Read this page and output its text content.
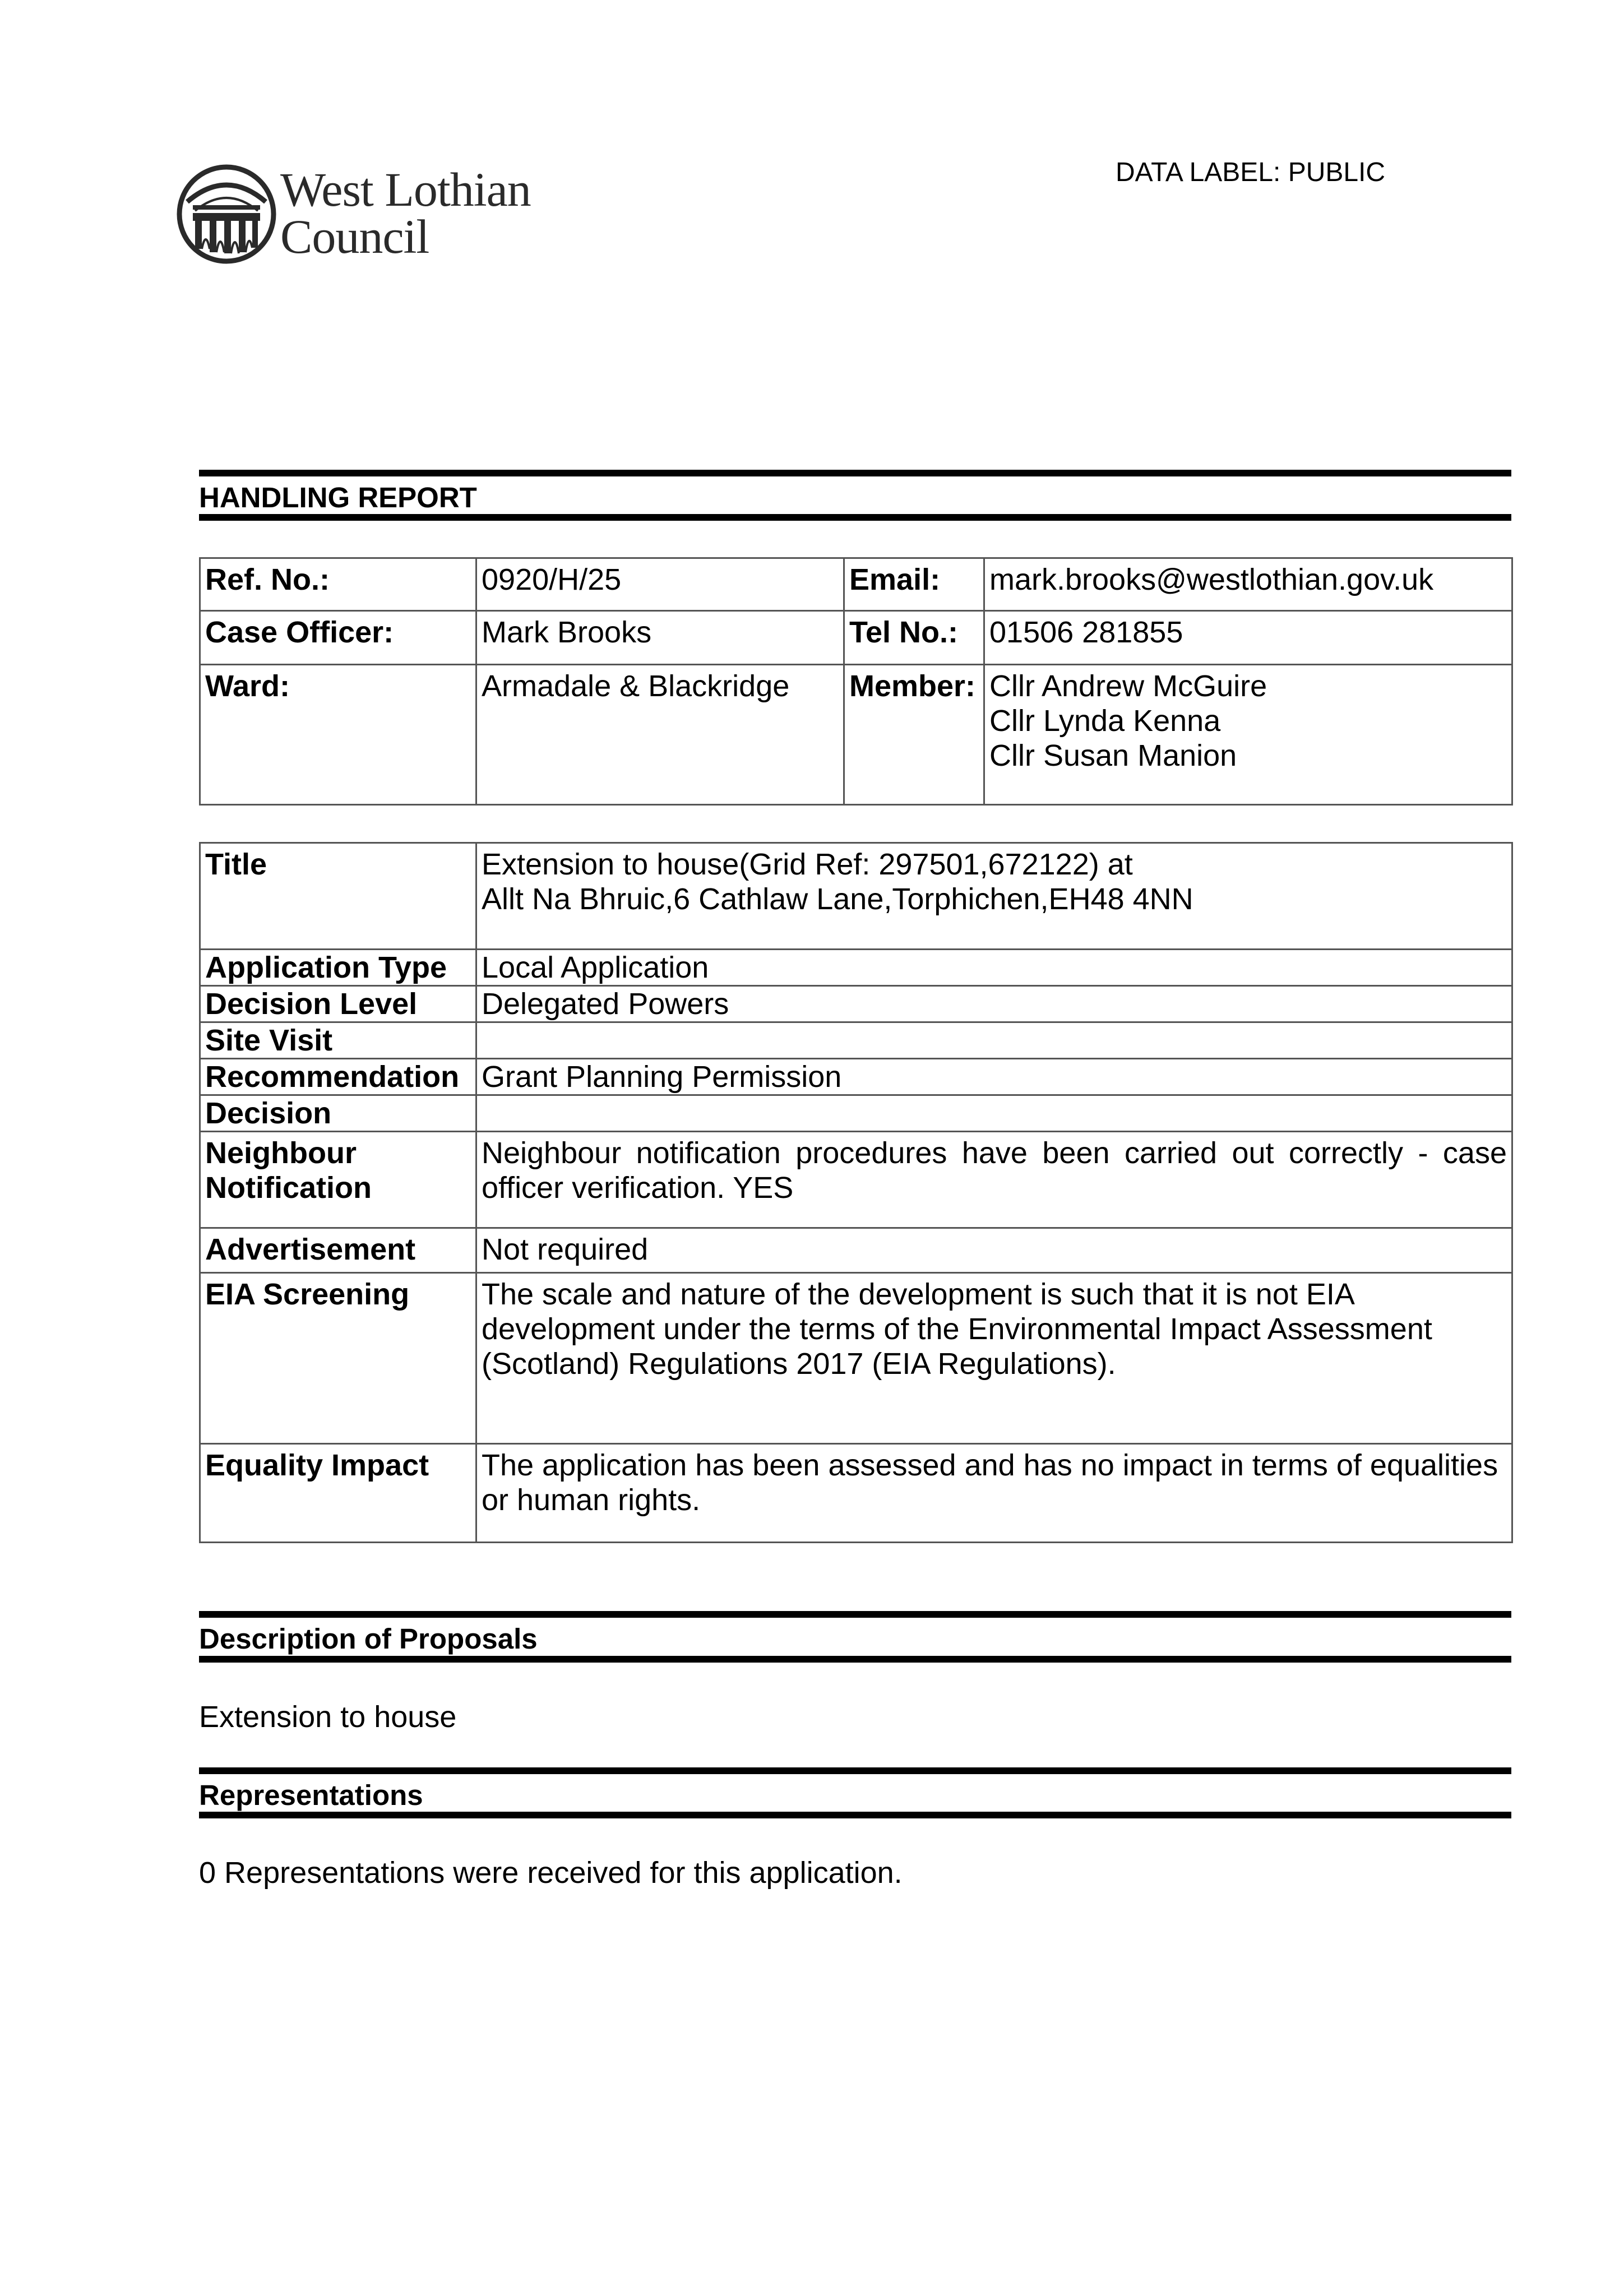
West Lothian
Council
DATA LABEL: PUBLIC
HANDLING REPORT
Ref. No.:	0920/H/25	Email:	mark.brooks@westlothian.gov.uk
Case Officer:	Mark Brooks	Tel No.:	01506 281855
Ward:	Armadale & Blackridge	Member:	Cllr Andrew McGuire
Cllr Lynda Kenna
Cllr Susan Manion
Title	Extension to house(Grid Ref: 297501,672122) at
Allt Na Bhruic,6 Cathlaw Lane,Torphichen,EH48 4NN

Application Type	Local Application
Decision Level	Delegated Powers
Site Visit	
Recommendation	Grant Planning Permission
Decision	

Neighbour
Notification	Neighbour notification procedures have been carried out correctly - case officer verification. YES
Advertisement	Not required
EIA Screening	The scale and nature of the development is such that it is not EIA
development under the terms of the Environmental Impact Assessment
(Scotland) Regulations 2017 (EIA Regulations).

Equality Impact	The application has been assessed and has no impact in terms of equalities or human rights.
Description of Proposals
Extension to house
Representations
0 Representations were received for this application.
